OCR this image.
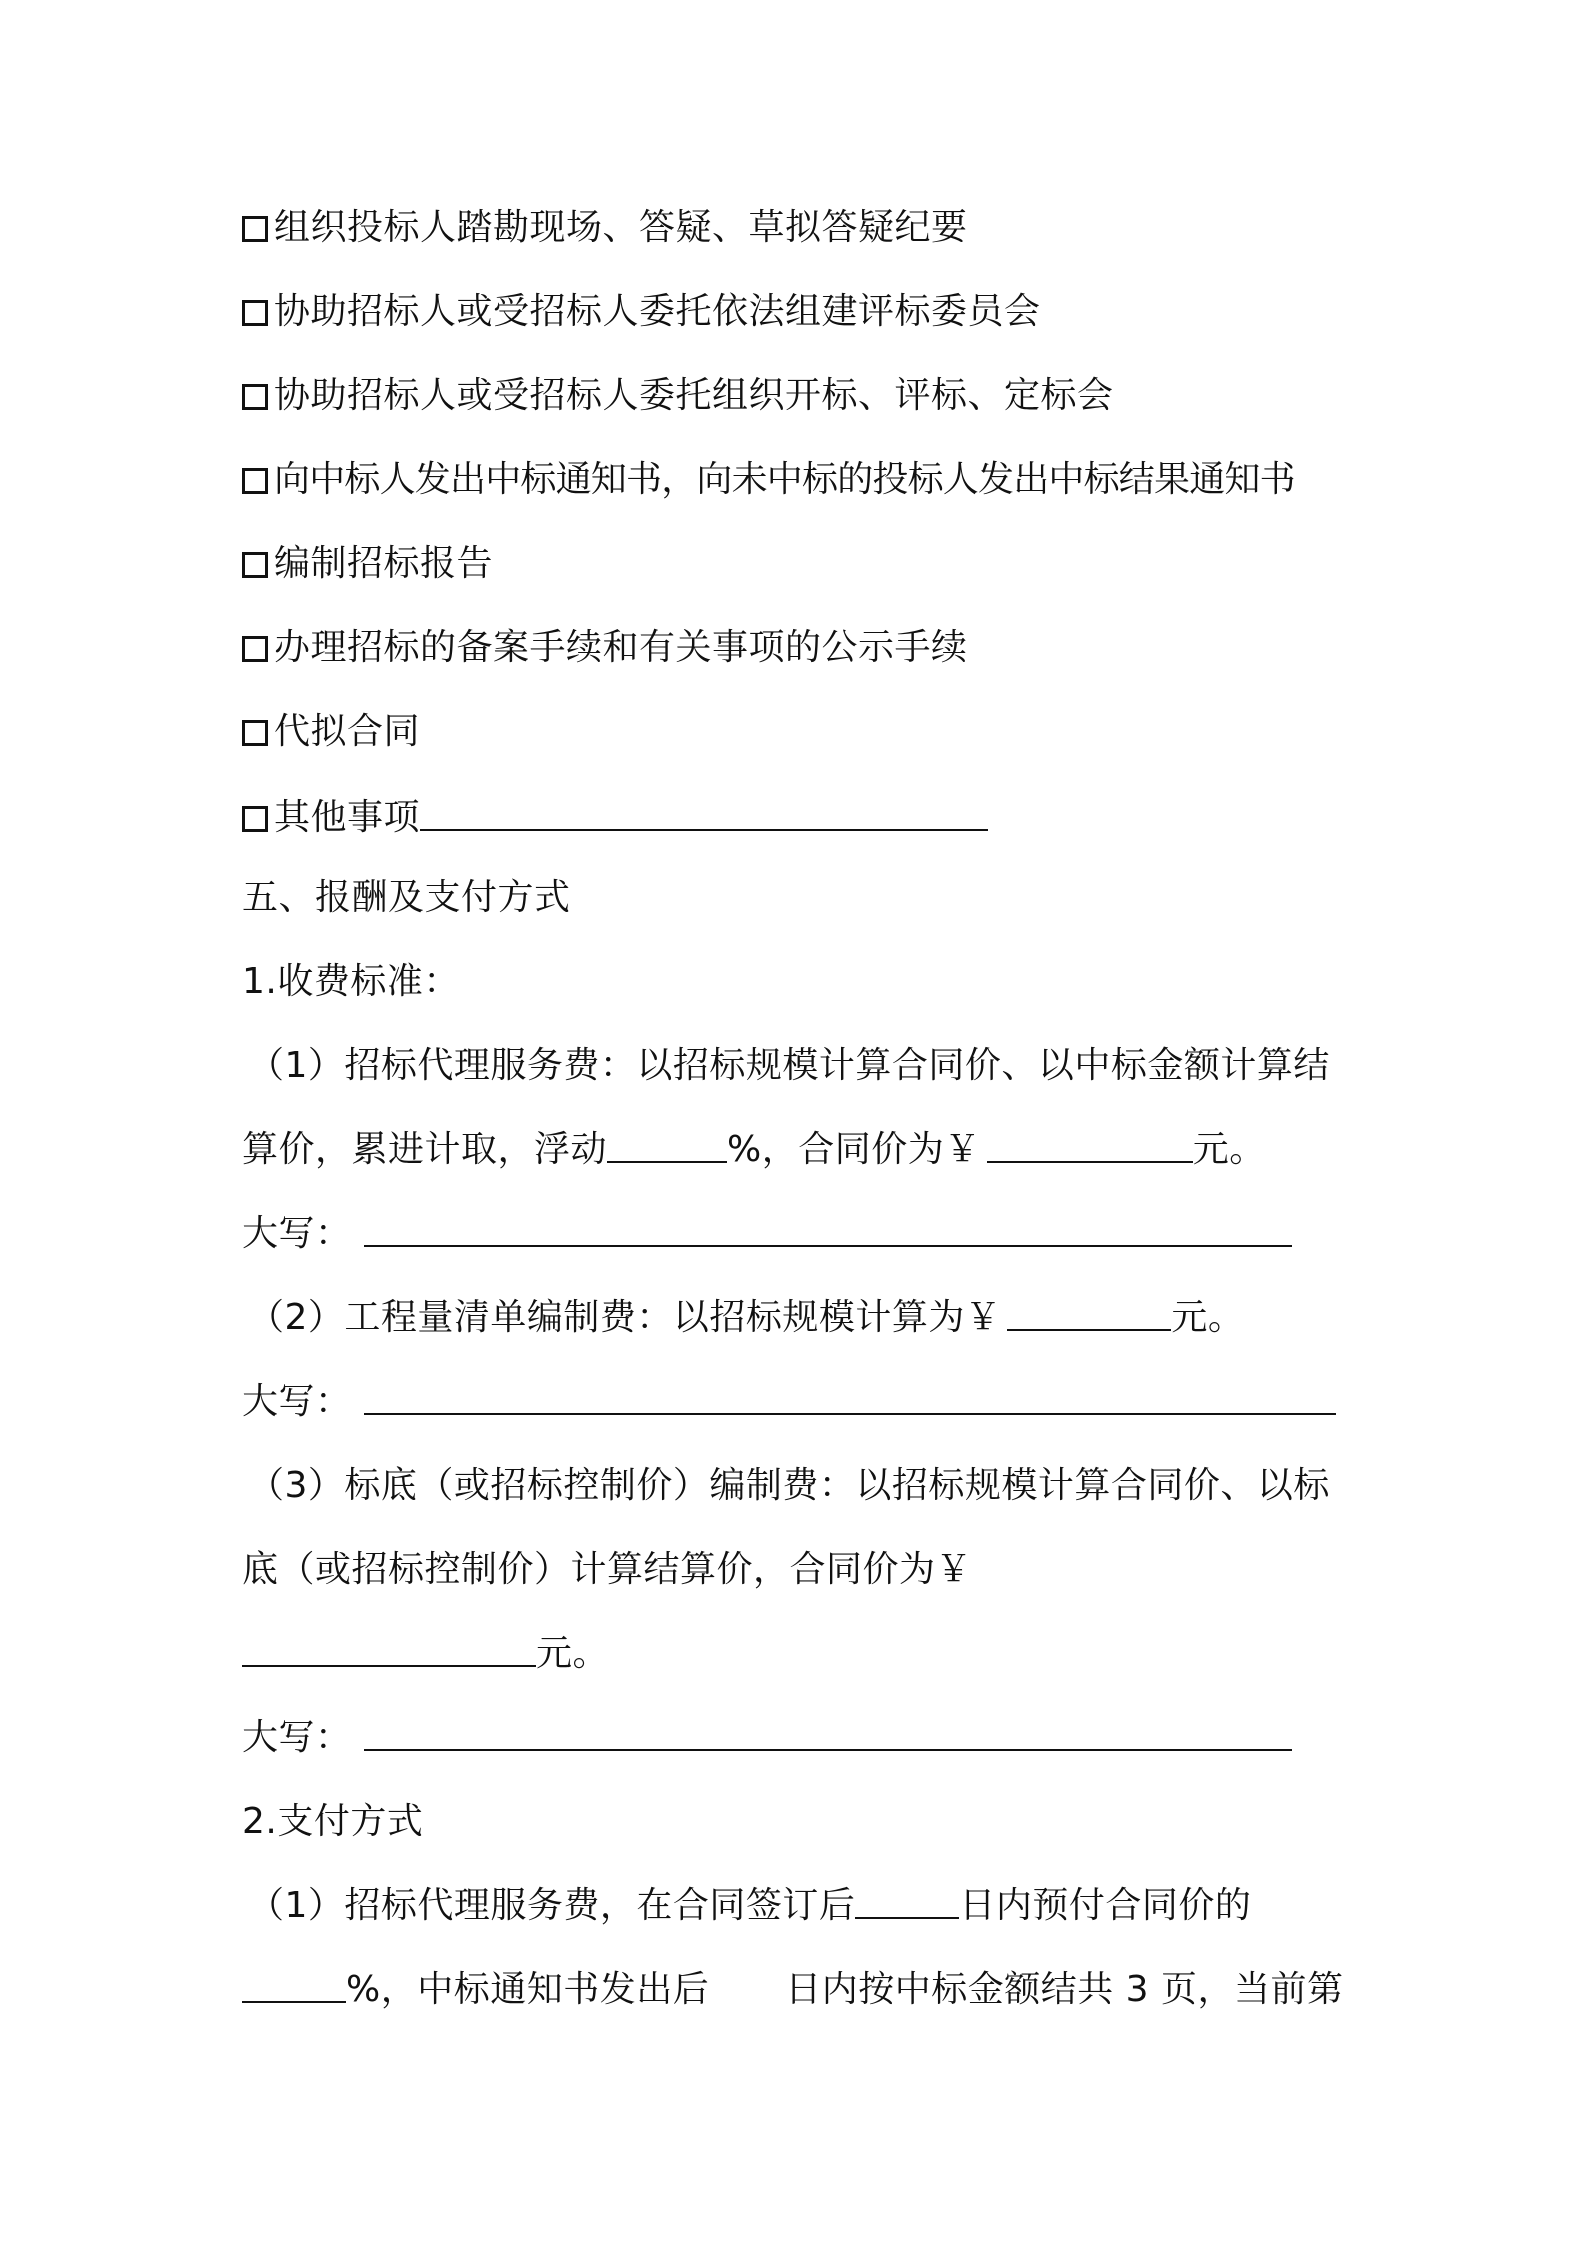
组织投标人踏勘现场、答疑、草拟答疑纪要
协助招标人或受招标人委托依法组建评标委员会
协助招标人或受招标人委托组织开标、评标、定标会
向中标人发出中标通知书，向未中标的投标人发出中标结果通知书
编制招标报告
办理招标的备案手续和有关事项的公示手续
代拟合同
其他事项
五、报酬及支付方式
1.收费标准：
（1）招标代理服务费：以招标规模计算合同价、以中标金额计算结
算价，累进计取，浮动	%，合同价为￥	元。
大写：
（2）工程量清单编制费：以招标规模计算为￥	元。
大写：
（3）标底（或招标控制价）编制费：以招标规模计算合同价、以标
底（或招标控制价）计算结算价，合同价为￥
元。
大写：
2.支付方式
（1）招标代理服务费，在合同签订后	日内预付合同价的
%，中标通知书发出后 日内按中标金额结共 3 页，当前第
